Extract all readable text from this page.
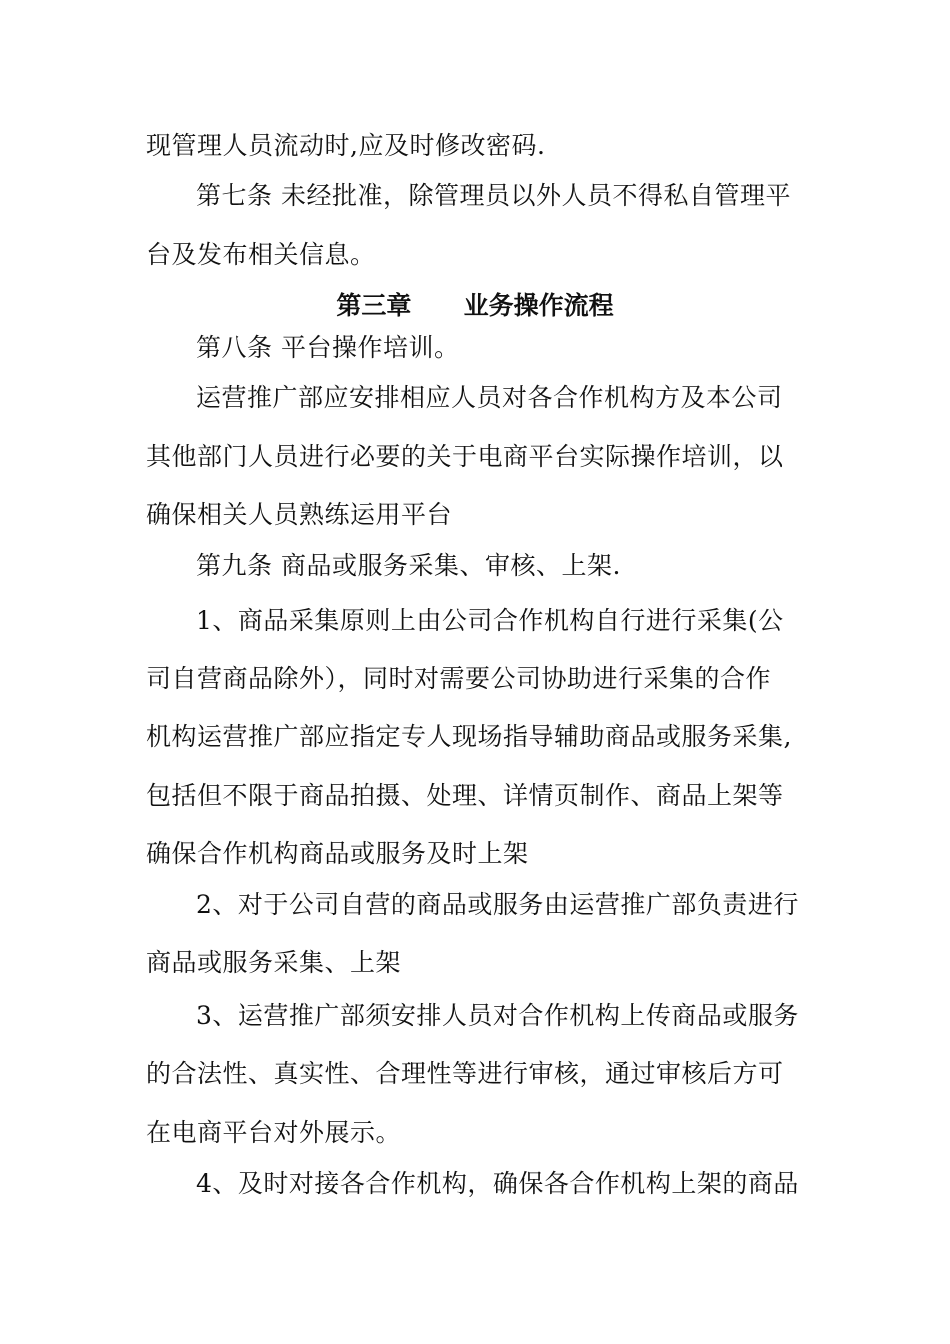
现管理人员流动时,应及时修改密码.
第七条 未经批准，除管理员以外人员不得私自管理平
台及发布相关信息。
第三章      业务操作流程
第八条 平台操作培训。
运营推广部应安排相应人员对各合作机构方及本公司
其他部门人员进行必要的关于电商平台实际操作培训，以
确保相关人员熟练运用平台
第九条 商品或服务采集、审核、上架.
1、商品采集原则上由公司合作机构自行进行采集(公
司自营商品除外），同时对需要公司协助进行采集的合作
机构运营推广部应指定专人现场指导辅助商品或服务采集,
包括但不限于商品拍摄、处理、详情页制作、商品上架等
确保合作机构商品或服务及时上架
2、对于公司自营的商品或服务由运营推广部负责进行
商品或服务采集、上架
3、运营推广部须安排人员对合作机构上传商品或服务
的合法性、真实性、合理性等进行审核，通过审核后方可
在电商平台对外展示。
4、及时对接各合作机构，确保各合作机构上架的商品
